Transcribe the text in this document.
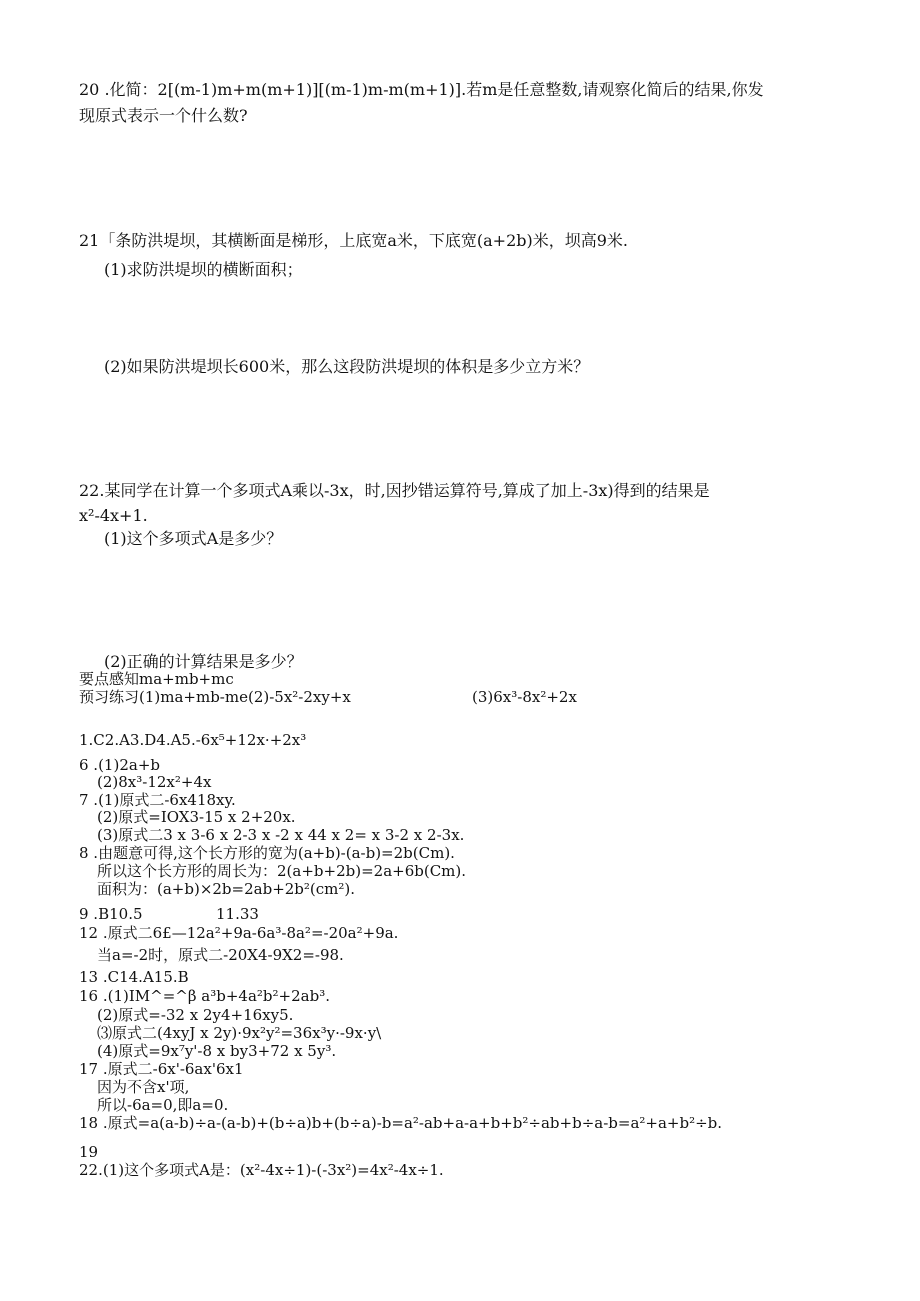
20 .化简：2[(m-1)m+m(m+1)][(m-1)m-m(m+1)].若m是任意整数,请观察化简后的结果,你发
现原式表示一个什么数?
21「条防洪堤坝，其横断面是梯形，上底宽a米，下底宽(a+2b)米，坝高9米.
(1)求防洪堤坝的横断面积；
(2)如果防洪堤坝长600米，那么这段防洪堤坝的体积是多少立方米？
22.某同学在计算一个多项式A乘以-3x，时,因抄错运算符号,算成了加上-3x)得到的结果是
x²-4x+1.
(1)这个多项式A是多少？
(2)正确的计算结果是多少？
要点感知ma+mb+mc
预习练习(1)ma+mb-me(2)-5x²-2xy+x	(3)6x³-8x²+2x
1.C2.A3.D4.A5.-6x⁵+12x·+2x³
6 .(1)2a+b
(2)8x³-12x²+4x
7 .(1)原式二-6x418xy.
(2)原式=IOX3-15 x 2+20x.
(3)原式二3 x 3-6 x 2-3 x -2 x 44 x 2= x 3-2 x 2-3x.
8 .由题意可得,这个长方形的宽为(a+b)-(a-b)=2b(Cm).
所以这个长方形的周长为：2(a+b+2b)=2a+6b(Cm).
面积为：(a+b)×2b=2ab+2b²(cm²).
9 .B10.5	11.33
12 .原式二6£—12a²+9a-6a³-8a²=-20a²+9a.
当a=-2时，原式二-20X4-9X2=-98.
13 .C14.A15.B
16 .(1)IM^=^β a³b+4a²b²+2ab³.
(2)原式=-32 x 2y4+16xy5.
⑶原式二(4xyJ x 2y)·9x²y²=36x³y·-9x·y\
(4)原式=9x⁷y'-8 x by3+72 x 5y³.
17 .原式二-6x'-6ax'6x1
因为不含x'项,
所以-6a=0,即a=0.
18 .原式=a(a-b)÷a-(a-b)+(b÷a)b+(b÷a)-b=a²-ab+a-a+b+b²÷ab+b÷a-b=a²+a+b²÷b.
19
22.(1)这个多项式A是：(x²-4x÷1)-(-3x²)=4x²-4x÷1.
